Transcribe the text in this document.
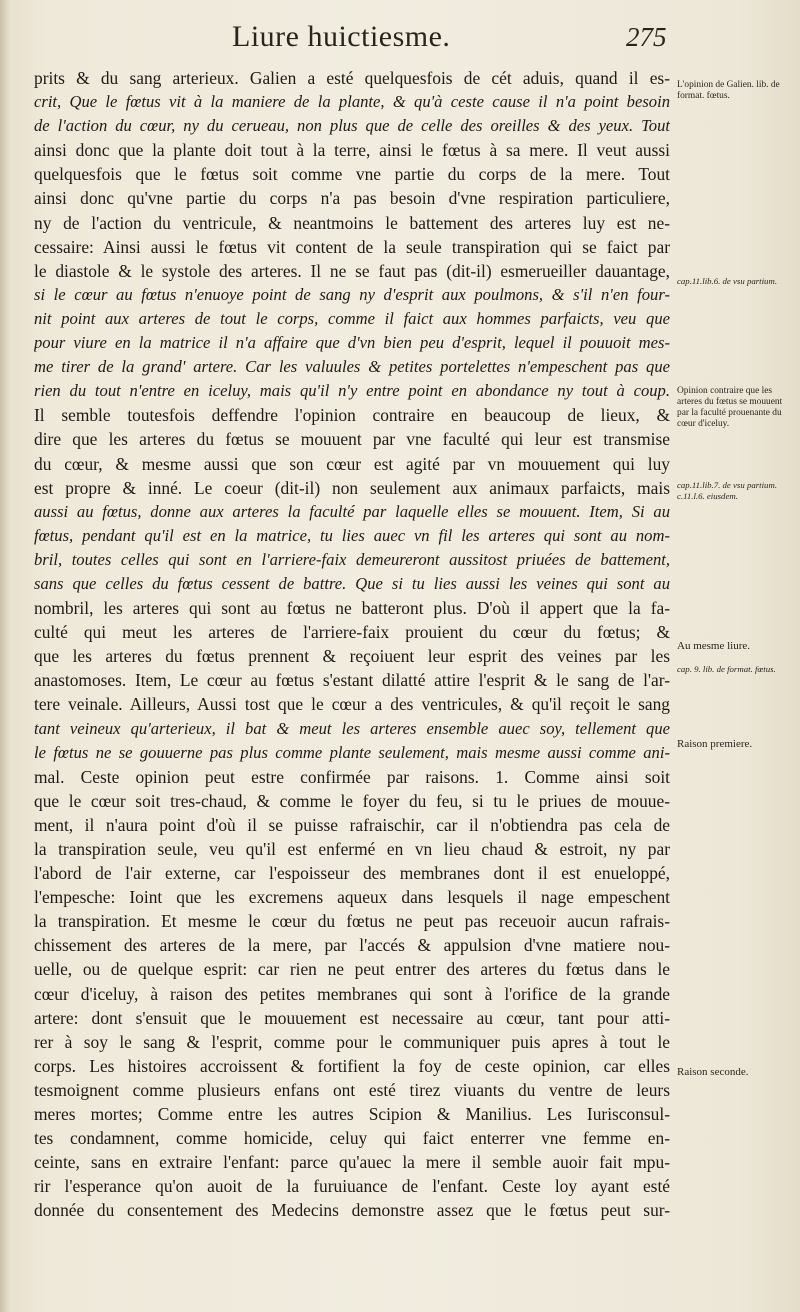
Liure huictiesme.	275
prits & du sang arterieux. Galien a esté quelquesfois de cét aduis, quand il es-
crit, Que le fœtus vit à la maniere de la plante, & qu'à ceste cause il n'a point besoin
de l'action du cœur, ny du cerueau, non plus que de celle des oreilles & des yeux. Tout
ainsi donc que la plante doit tout à la terre, ainsi le fœtus à sa mere. Il veut aussi
quelquesfois que le fœtus soit comme vne partie du corps de la mere. Tout
ainsi donc qu'vne partie du corps n'a pas besoin d'vne respiration particuliere,
ny de l'action du ventricule, & neantmoins le battement des arteres luy est ne-
cessaire: Ainsi aussi le fœtus vit content de la seule transpiration qui se faict par
le diastole & le systole des arteres. Il ne se faut pas (dit-il) esmerueiller dauantage,
si le cœur au fœtus n'enuoye point de sang ny d'esprit aux poulmons, & s'il n'en four-
nit point aux arteres de tout le corps, comme il faict aux hommes parfaicts, veu que
pour viure en la matrice il n'a affaire que d'vn bien peu d'esprit, lequel il pouuoit mes-
me tirer de la grand' artere. Car les valuules & petites portelettes n'empeschent pas que
rien du tout n'entre en iceluy, mais qu'il n'y entre point en abondance ny tout à coup.
Il semble toutesfois deffendre l'opinion contraire en beaucoup de lieux, &
dire que les arteres du fœtus se mouuent par vne faculté qui leur est transmise
du cœur, & mesme aussi que son cœur est agité par vn mouuement qui luy
est propre & inné. Le coeur (dit-il) non seulement aux animaux parfaicts, mais
aussi au fœtus, donne aux arteres la faculté par laquelle elles se mouuent. Item, Si au
fœtus, pendant qu'il est en la matrice, tu lies auec vn fil les arteres qui sont au nom-
bril, toutes celles qui sont en l'arriere-faix demeureront aussitost priuées de battement,
sans que celles du fœtus cessent de battre. Que si tu lies aussi les veines qui sont au
nombril, les arteres qui sont au fœtus ne batteront plus. D'où il appert que la fa-
culté qui meut les arteres de l'arriere-faix prouient du cœur du fœtus; &
que les arteres du fœtus prennent & reçoiuent leur esprit des veines par les
anastomoses. Item, Le cœur au fœtus s'estant dilatté attire l'esprit & le sang de l'ar-
tere veinale. Ailleurs, Aussi tost que le cœur a des ventricules, & qu'il reçoit le sang
tant veineux qu'arterieux, il bat & meut les arteres ensemble auec soy, tellement que
le fœtus ne se gouuerne pas plus comme plante seulement, mais mesme aussi comme ani-
mal. Ceste opinion peut estre confirmée par raisons. 1. Comme ainsi soit
que le cœur soit tres-chaud, & comme le foyer du feu, si tu le priues de mouue-
ment, il n'aura point d'où il se puisse rafraischir, car il n'obtiendra pas cela de
la transpiration seule, veu qu'il est enfermé en vn lieu chaud & estroit, ny par
l'abord de l'air externe, car l'espoisseur des membranes dont il est enueloppé,
l'empesche: Ioint que les excremens aqueux dans lesquels il nage empeschent
la transpiration. Et mesme le cœur du fœtus ne peut pas receuoir aucun rafrais-
chissement des arteres de la mere, par l'accés & appulsion d'vne matiere nou-
uelle, ou de quelque esprit: car rien ne peut entrer des arteres du fœtus dans le
cœur d'iceluy, à raison des petites membranes qui sont à l'orifice de la grande
artere: dont s'ensuit que le mouuement est necessaire au cœur, tant pour atti-
rer à soy le sang & l'esprit, comme pour le communiquer puis apres à tout le
corps. Les histoires accroissent & fortifient la foy de ceste opinion, car elles
tesmoignent comme plusieurs enfans ont esté tirez viuants du ventre de leurs
meres mortes; Comme entre les autres Scipion & Manilius. Les Iurisconsul-
tes condamnent, comme homicide, celuy qui faict enterrer vne femme en-
ceinte, sans en extraire l'enfant: parce qu'auec la mere il semble auoir fait mpu-
rir l'esperance qu'on auoit de la furuiuance de l'enfant. Ceste loy ayant esté
donnée du consentement des Medecins demonstre assez que le fœtus peut sur-
L'opinion de Galien. lib. de format. fœtus.
cap.11.lib.6. de vsu partium.
Opinion contraire que les arteres du fœtus se mouuent par la faculté prouenante du cœur d'iceluy.
cap.11.lib.7. de vsu partium. c.11.l.6. eiusdem.
Au mesme liure.
cap. 9. lib. de format. fœtus.
Raison premiere.
Raison seconde.
